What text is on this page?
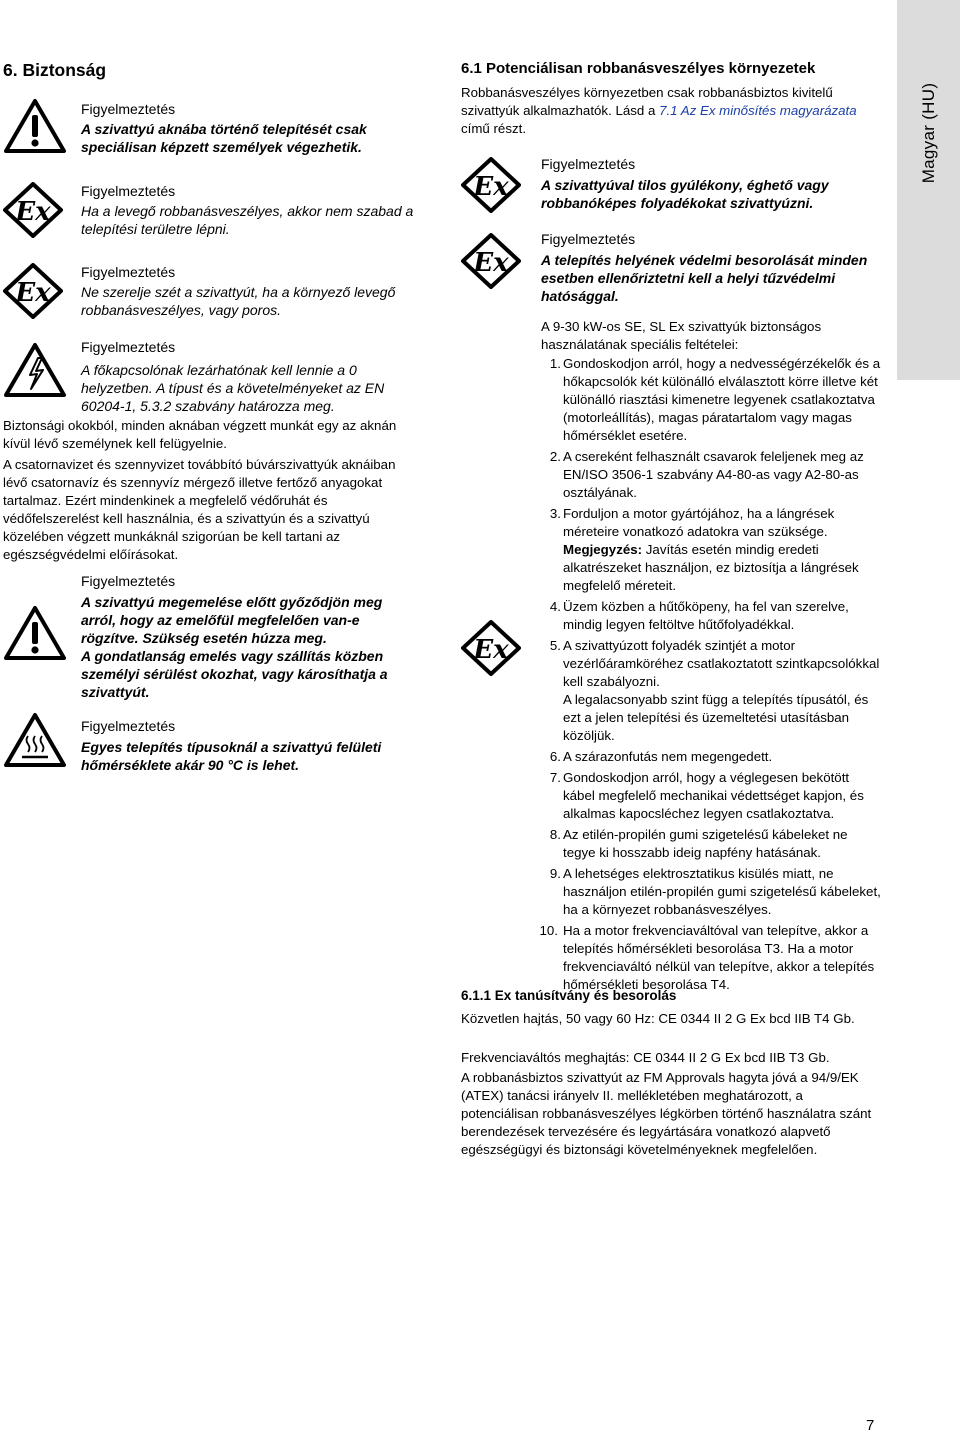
Magyar (HU)
6. Biztonság
Figyelmeztetés
A szivattyú aknába történő telepítését csak speciálisan képzett személyek végezhetik.
Ex
Figyelmeztetés
Ha a levegő robbanásveszélyes, akkor nem szabad a telepítési területre lépni.
Ex
Figyelmeztetés
Ne szerelje szét a szivattyút, ha a környező levegő robbanásveszélyes, vagy poros.
Figyelmeztetés
A főkapcsolónak lezárhatónak kell lennie a 0 helyzetben. A típust és a követelményeket az EN 60204-1, 5.3.2 szabvány határozza meg.

Biztonsági okokból, minden aknában végzett munkát egy az aknán kívül lévő személynek kell felügyelnie.

A csatornavizet és szennyvizet továbbító búvárszivattyúk aknáiban lévő csatornavíz és szennyvíz mérgező illetve fertőző anyagokat tartalmaz. Ezért mindenkinek a megfelelő védőruhát és védőfelszerelést kell használnia, és a szivattyún és a szivattyú közelében végzett munkáknál szigorúan be kell tartani az egészségvédelmi előírásokat.

Figyelmeztetés

A szivattyú megemelése előtt győződjön meg arról, hogy az emelőfül megfelelően van-e rögzítve. Szükség esetén húzza meg.

A gondatlanság emelés vagy szállítás közben személyi sérülést okozhat, vagy károsíthatja a szivattyút.

Figyelmeztetés

Egyes telepítés típusoknál a szivattyú felületi hőmérséklete akár 90 °C is lehet.

6.1 Potenciálisan robbanásveszélyes környezetek

Robbanásveszélyes környezetben csak robbanásbiztos kivitelű szivattyúk alkalmazhatók. Lásd a 7.1 Az Ex minősítés magyarázata című részt.

Ex
Figyelmeztetés
A szivattyúval tilos gyúlékony, éghető vagy robbanóképes folyadékokat szivattyúzni.
Ex
Figyelmeztetés
A telepítés helyének védelmi besorolását minden esetben ellenőriztetni kell a helyi tűzvédelmi hatósággal.

A 9-30 kW-os SE, SL Ex szivattyúk biztonságos használatának speciális feltételei:

Ex
1. Gondoskodjon arról, hogy a nedvességérzékelők és a hőkapcsolók két különálló elválasztott körre illetve két különálló riasztási kimenetre legyenek csatlakoztatva (motorleállítás), magas páratartalom vagy magas hőmérséklet esetére.

2. A csereként felhasznált csavarok feleljenek meg az EN/ISO 3506-1 szabvány A4-80-as vagy A2-80-as osztályának.

3. Forduljon a motor gyártójához, ha a lángrések méreteire vonatkozó adatokra van szüksége.

Megjegyzés: Javítás esetén mindig eredeti alkatrészeket használjon, ez biztosítja a lángrések megfelelő méreteit.

4. Üzem közben a hűtőköpeny, ha fel van szerelve, mindig legyen feltöltve hűtőfolyadékkal.

5. A szivattyúzott folyadék szintjét a motor vezérlőáramköréhez csatlakoztatott szintkapcsolókkal kell szabályozni.

A legalacsonyabb szint függ a telepítés típusától, és ezt a jelen telepítési és üzemeltetési utasításban közöljük.

6. A szárazonfutás nem megengedett.

7. Gondoskodjon arról, hogy a véglegesen bekötött kábel megfelelő mechanikai védettséget kapjon, és alkalmas kapocsléchez legyen csatlakoztatva.

8. Az etilén-propilén gumi szigetelésű kábeleket ne tegye ki hosszabb ideig napfény hatásának.

9. A lehetséges elektrosztatikus kisülés miatt, ne használjon etilén-propilén gumi szigetelésű kábeleket, ha a környezet robbanásveszélyes.

10. Ha a motor frekvenciaváltóval van telepítve, akkor a telepítés hőmérsékleti besorolása T3. Ha a motor frekvenciaváltó nélkül van telepítve, akkor a telepítés hőmérsékleti besorolása T4.

6.1.1 Ex tanúsítvány és besorolás

Közvetlen hajtás, 50 vagy 60 Hz: CE 0344 II 2 G Ex bcd IIB T4 Gb.

Frekvenciaváltós meghajtás: CE 0344 II 2 G Ex bcd IIB T3 Gb.

A robbanásbiztos szivattyút az FM Approvals hagyta jóvá a 94/9/EK (ATEX) tanácsi irányelv II. mellékletében meghatározott, a potenciálisan robbanásveszélyes légkörben történő használatra szánt berendezések tervezésére és legyártására vonatkozó alapvető egészségügyi és biztonsági követelményeknek megfelelően.

7
